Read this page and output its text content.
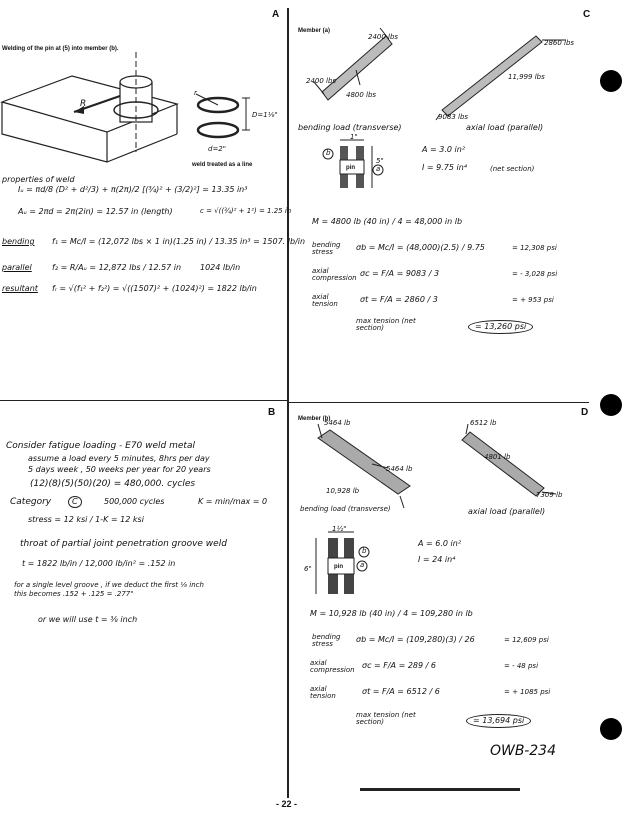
A	C
B	D
Welding of the pin at (5) into member (b).
R
r
D=1⅛"
d=2"
weld treated as a line
properties of weld
Iᵤ = πd/8 (D² + d²/3) + π(2π)/2 [(¾)² + (3/2)²] = 13.35 in³
Aᵤ = 2πd = 2π(2in) = 12.57 in (length)	c = √((¾)² + 1²) = 1.25 in
bending f₁ = Mc/I = (12,072 lbs × 1 in)(1.25 in) / 13.35 in³ = 1507. lb/in
parallel	f₂ = R/Aᵤ = 12,872 lbs / 12.57 in 1024 lb/in
resultant fᵣ = √(f₁² + f₂²) = √((1507)² + (1024)²) = 1822 lb/in
Consider fatigue loading - E70 weld metal
assume a load every 5 minutes, 8hrs per day
5 days week , 50 weeks per year for 20 years
(12)(8)(5)(50)(20) = 480,000. cycles
Category	C	500,000 cycles	K = min/max = 0
stress = 12 ksi / 1-K = 12 ksi
throat of partial joint penetration groove weld
t = 1822 lb/in / 12,000 lb/in² = .152 in
for a single level groove , if we deduct the first ⅛ inch
this becomes .152 + .125 = .277"
or we will use t = ⅜ inch
Member (a)
2400 lbs
2400 lbs
4800 lbs
bending load (transverse)
2860 lbs
11,999 lbs
9083 lbs
axial load (parallel)
b
a
1"
5"
pin
A = 3.0 in²
I = 9.75 in⁴	(net section)
M = 4800 lb (40 in) / 4 = 48,000 in lb
bending stress	σb = Mc/I = (48,000)(2.5) / 9.75	= 12,308 psi
axial compression σc = F/A = 9083 / 3	= - 3,028 psi
axial tension	σt = F/A = 2860 / 3	= + 953 psi
max tension (net section)	= 13,260 psi
Member (b)
5464 lb
5464 lb
10,928 lb
bending load (transverse)
6512 lb
4801 lb
7309 lb
axial load (parallel)
1½"
6"
b
a
pin
A = 6.0 in²
I = 24 in⁴
M = 10,928 lb (40 in) / 4 = 109,280 in lb
bending stress	σb = Mc/I = (109,280)(3) / 26	= 12,609 psi
axial compression σc = F/A = 289 / 6	= - 48 psi
axial tension	σt = F/A = 6512 / 6	= + 1085 psi
max tension (net section)	= 13,694 psi
OWB-234
- 22 -
